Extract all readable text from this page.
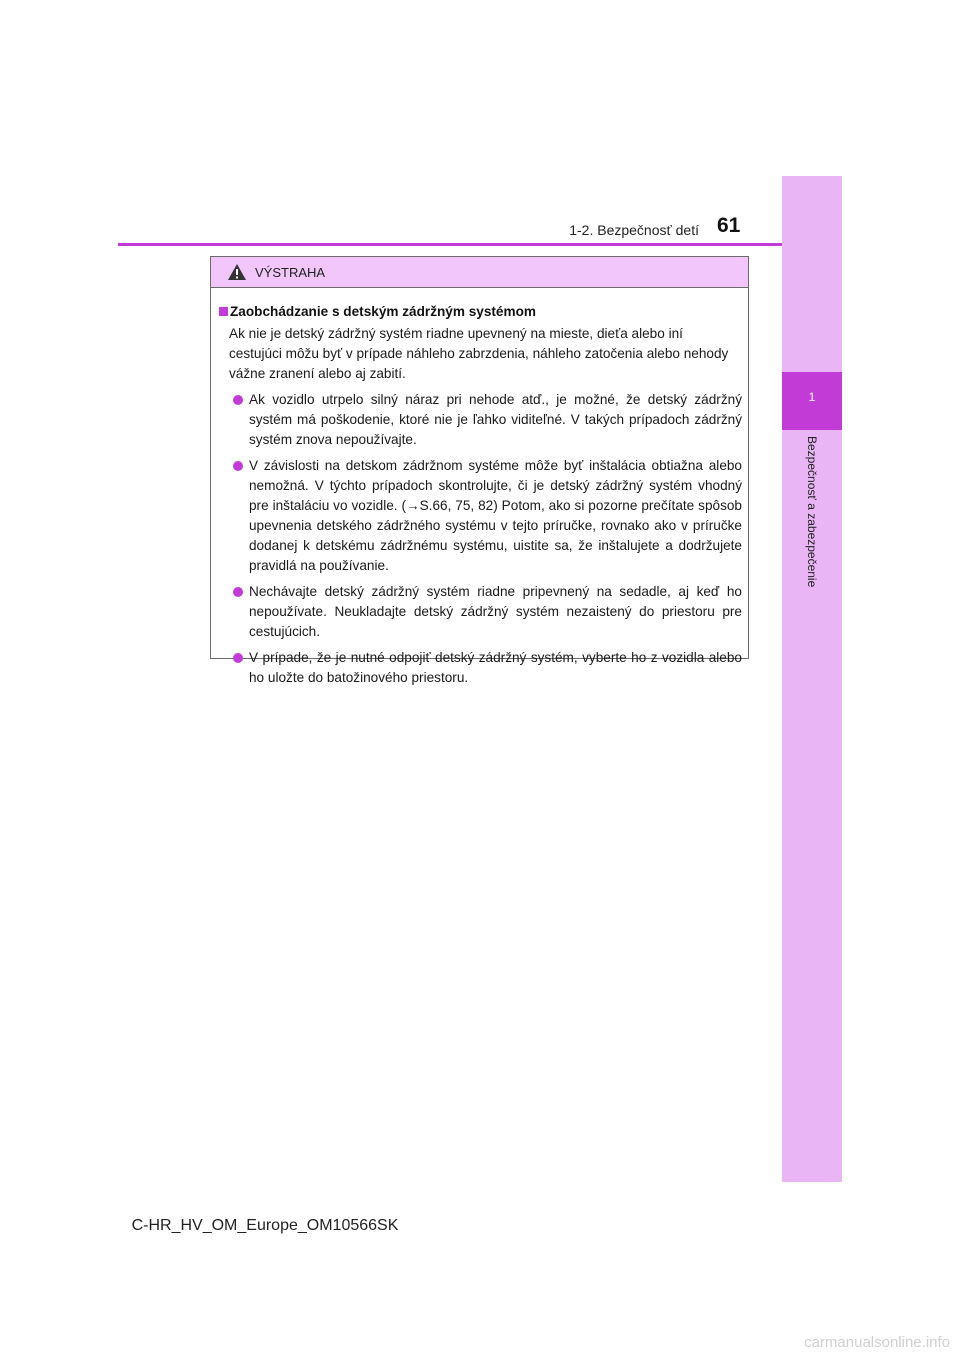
1
Bezpečnosť a zabezpečenie
61
1-2. Bezpečnosť detí
VÝSTRAHA
Zaobchádzanie s detským zádržným systémom
Ak nie je detský zádržný systém riadne upevnený na mieste, dieťa alebo iní cestujúci môžu byť v prípade náhleho zabrzdenia, náhleho zatočenia alebo nehody vážne zranení alebo aj zabití.
Ak vozidlo utrpelo silný náraz pri nehode atď., je možné, že detský zádržný systém má poškodenie, ktoré nie je ľahko viditeľné. V takých prípadoch zádržný systém znova nepoužívajte.
V závislosti na detskom zádržnom systéme môže byť inštalácia obtiažna alebo nemožná. V týchto prípadoch skontrolujte, či je detský zádržný systém vhodný pre inštaláciu vo vozidle. (→S.66, 75, 82) Potom, ako si pozorne prečítate spôsob upevnenia detského zádržného systému v tejto príručke, rovnako ako v príručke dodanej k detskému zádržnému systému, uistite sa, že inštalujete a dodržujete pravidlá na používanie.
Nechávajte detský zádržný systém riadne pripevnený na sedadle, aj keď ho nepoužívate. Neukladajte detský zádržný systém nezaistený do priestoru pre cestujúcich.
V prípade, že je nutné odpojiť detský zádržný systém, vyberte ho z vozidla alebo ho uložte do batožinového priestoru.
C-HR_HV_OM_Europe_OM10566SK
carmanualsonline.info
